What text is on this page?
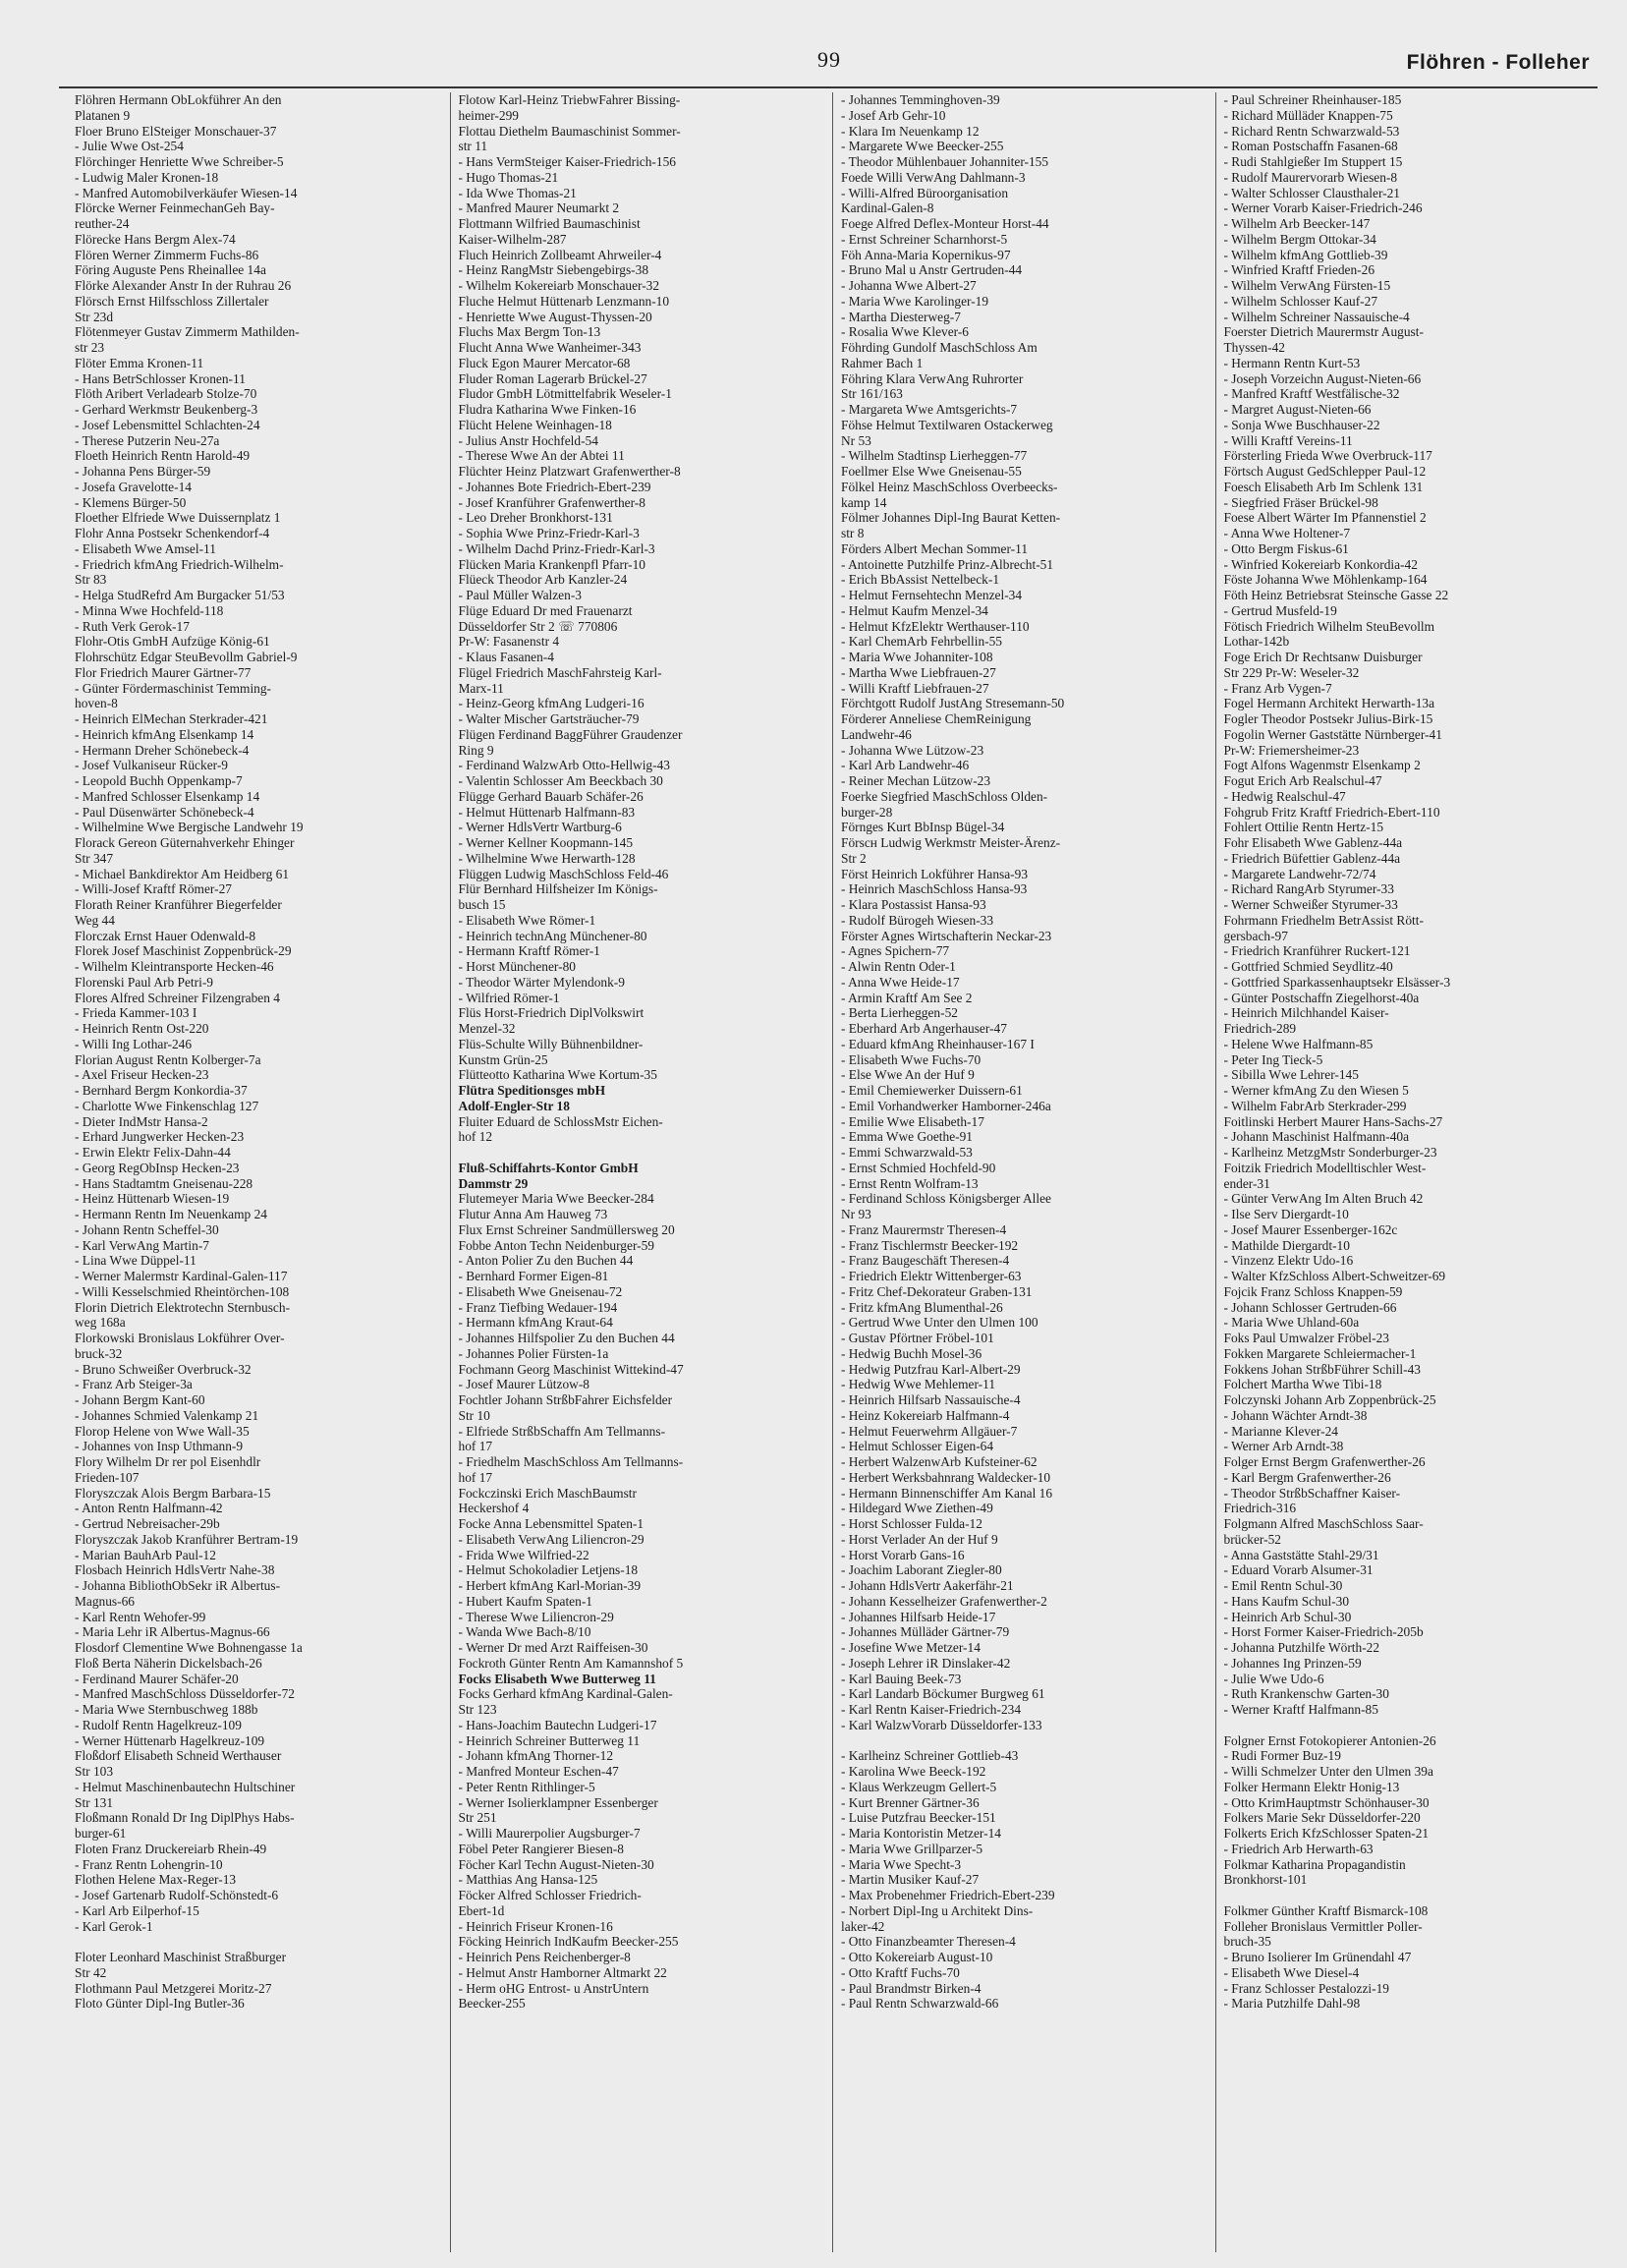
99	Flöhren - Folleher
Flöhren Hermann ObLokführer An den
Platanen 9
Floer Bruno ElSteiger Monschauer-37
- Julie Wwe Ost-254
Flörchinger Henriette Wwe Schreiber-5
- Ludwig Maler Kronen-18
- Manfred Automobilverkäufer Wiesen-14
Flörcke Werner FeinmechanGeh Bay-
reuther-24
Flörecke Hans Bergm Alex-74
Flören Werner Zimmerm Fuchs-86
Föring Auguste Pens Rheinallee 14a
Flörke Alexander Anstr In der Ruhrau 26
Flörsch Ernst Hilfsschloss Zillertaler
Str 23d
Flötenmeyer Gustav Zimmerm Mathilden-
str 23
Flöter Emma Kronen-11
- Hans BetrSchlosser Kronen-11
Flöth Aribert Verladearb Stolze-70
- Gerhard Werkmstr Beukenberg-3
- Josef Lebensmittel Schlachten-24
- Therese Putzerin Neu-27a
Floeth Heinrich Rentn Harold-49
- Johanna Pens Bürger-59
- Josefa Gravelotte-14
- Klemens Bürger-50
Floether Elfriede Wwe Duissernplatz 1
Flohr Anna Postsekr Schenkendorf-4
- Elisabeth Wwe Amsel-11
- Friedrich kfmAng Friedrich-Wilhelm-
Str 83
- Helga StudRefrd Am Burgacker 51/53
- Minna Wwe Hochfeld-118
- Ruth Verk Gerok-17
Flohr-Otis GmbH Aufzüge König-61
Flohrschütz Edgar SteuBevollm Gabriel-9
Flor Friedrich Maurer Gärtner-77
- Günter Fördermaschinist Temming-
hoven-8
- Heinrich ElMechan Sterkrader-421
- Heinrich kfmAng Elsenkamp 14
- Hermann Dreher Schönebeck-4
- Josef Vulkaniseur Rücker-9
- Leopold Buchh Oppenkamp-7
- Manfred Schlosser Elsenkamp 14
- Paul Düsenwärter Schönebeck-4
- Wilhelmine Wwe Bergische Landwehr 19
Florack Gereon Güternahverkehr Ehinger
Str 347
- Michael Bankdirektor Am Heidberg 61
- Willi-Josef Kraftf Römer-27
Florath Reiner Kranführer Biegerfelder
Weg 44
Florczak Ernst Hauer Odenwald-8
Florek Josef Maschinist Zoppenbrück-29
- Wilhelm Kleintransporte Hecken-46
Florenski Paul Arb Petri-9
Flores Alfred Schreiner Filzengraben 4
- Frieda Kammer-103 I
- Heinrich Rentn Ost-220
- Willi Ing Lothar-246
Florian August Rentn Kolberger-7a
- Axel Friseur Hecken-23
- Bernhard Bergm Konkordia-37
- Charlotte Wwe Finkenschlag 127
- Dieter IndMstr Hansa-2
- Erhard Jungwerker Hecken-23
- Erwin Elektr Felix-Dahn-44
- Georg RegObInsp Hecken-23
- Hans Stadtamtm Gneisenau-228
- Heinz Hüttenarb Wiesen-19
- Hermann Rentn Im Neuenkamp 24
- Johann Rentn Scheffel-30
- Karl VerwAng Martin-7
- Lina Wwe Düppel-11
- Werner Malermstr Kardinal-Galen-117
- Willi Kesselschmied Rheintörchen-108
Florin Dietrich Elektrotechn Sternbusch-
weg 168a
Florkowski Bronislaus Lokführer Over-
bruck-32
- Bruno Schweißer Overbruck-32
- Franz Arb Steiger-3a
- Johann Bergm Kant-60
- Johannes Schmied Valenkamp 21
Florop Helene von Wwe Wall-35
- Johannes von Insp Uthmann-9
Flory Wilhelm Dr rer pol Eisenhdlr
Frieden-107
Floryszczak Alois Bergm Barbara-15
- Anton Rentn Halfmann-42
- Gertrud Nebreisacher-29b
Floryszczak Jakob Kranführer Bertram-19
- Marian BauhArb Paul-12
Flosbach Heinrich HdlsVertr Nahe-38
- Johanna BibliothObSekr iR Albertus-
Magnus-66
- Karl Rentn Wehofer-99
- Maria Lehr iR Albertus-Magnus-66
Flosdorf Clementine Wwe Bohnengasse 1a
Floß Berta Näherin Dickelsbach-26
- Ferdinand Maurer Schäfer-20
- Manfred MaschSchloss Düsseldorfer-72
- Maria Wwe Sternbuschweg 188b
- Rudolf Rentn Hagelkreuz-109
- Werner Hüttenarb Hagelkreuz-109
Floßdorf Elisabeth Schneid Werthauser
Str 103
- Helmut Maschinenbautechn Hultschiner
Str 131
Floßmann Ronald Dr Ing DiplPhys Habs-
burger-61
Floten Franz Druckereiarb Rhein-49
- Franz Rentn Lohengrin-10
Flothen Helene Max-Reger-13
- Josef Gartenarb Rudolf-Schönstedt-6
- Karl Arb Eilperhof-15
- Karl Gerok-1

Floter Leonhard Maschinist Straßburger
Str 42
Flothmann Paul Metzgerei Moritz-27
Floto Günter Dipl-Ing Butler-36
Flotow Karl-Heinz TriebwFahrer Bissing-
heimer-299
Flottau Diethelm Baumaschinist Sommer-
str 11
- Hans VermSteiger Kaiser-Friedrich-156
- Hugo Thomas-21
- Ida Wwe Thomas-21
- Manfred Maurer Neumarkt 2
Flottmann Wilfried Baumaschinist
Kaiser-Wilhelm-287
Fluch Heinrich Zollbeamt Ahrweiler-4
- Heinz RangMstr Siebengebirgs-38
- Wilhelm Kokereiarb Monschauer-32
Fluche Helmut Hüttenarb Lenzmann-10
- Henriette Wwe August-Thyssen-20
Fluchs Max Bergm Ton-13
Flucht Anna Wwe Wanheimer-343
Fluck Egon Maurer Mercator-68
Fluder Roman Lagerarb Brückel-27
Fludor GmbH Lötmittelfabrik Weseler-1
Fludra Katharina Wwe Finken-16
Flücht Helene Weinhagen-18
- Julius Anstr Hochfeld-54
- Therese Wwe An der Abtei 11
Flüchter Heinz Platzwart Grafenwerther-8
- Johannes Bote Friedrich-Ebert-239
- Josef Kranführer Grafenwerther-8
- Leo Dreher Bronkhorst-131
- Sophia Wwe Prinz-Friedr-Karl-3
- Wilhelm Dachd Prinz-Friedr-Karl-3
Flücken Maria Krankenpfl Pfarr-10
Flüeck Theodor Arb Kanzler-24
- Paul Müller Walzen-3
Flüge Eduard Dr med Frauenarzt
Düsseldorfer Str 2 ☏ 770806
Pr-W: Fasanenstr 4
- Klaus Fasanen-4
Flügel Friedrich MaschFahrsteig Karl-
Marx-11
- Heinz-Georg kfmAng Ludgeri-16
- Walter Mischer Gartsträucher-79
Flügen Ferdinand BaggFührer Graudenzer
Ring 9
- Ferdinand WalzwArb Otto-Hellwig-43
- Valentin Schlosser Am Beeckbach 30
Flügge Gerhard Bauarb Schäfer-26
- Helmut Hüttenarb Halfmann-83
- Werner HdlsVertr Wartburg-6
- Werner Kellner Koopmann-145
- Wilhelmine Wwe Herwarth-128
Flüggen Ludwig MaschSchloss Feld-46
Flür Bernhard Hilfsheizer Im Königs-
busch 15
- Elisabeth Wwe Römer-1
- Heinrich technAng Münchener-80
- Hermann Kraftf Römer-1
- Horst Münchener-80
- Theodor Wärter Mylendonk-9
- Wilfried Römer-1
Flüs Horst-Friedrich DiplVolkswirt
Menzel-32
Flüs-Schulte Willy Bühnenbildner-
Kunstm Grün-25
Flütteotto Katharina Wwe Kortum-35
Flütra Speditionsges mbH
Adolf-Engler-Str 18
Fluiter Eduard de SchlossMstr Eichen-
hof 12

Fluß-Schiffahrts-Kontor GmbH
Dammstr 29
Flutemeyer Maria Wwe Beecker-284
Flutur Anna Am Hauweg 73
Flux Ernst Schreiner Sandmüllersweg 20
Fobbe Anton Techn Neidenburger-59
- Anton Polier Zu den Buchen 44
- Bernhard Former Eigen-81
- Elisabeth Wwe Gneisenau-72
- Franz Tiefbing Wedauer-194
- Hermann kfmAng Kraut-64
- Johannes Hilfspolier Zu den Buchen 44
- Johannes Polier Fürsten-1a
Fochmann Georg Maschinist Wittekind-47
- Josef Maurer Lützow-8
Fochtler Johann StrßbFahrer Eichsfelder
Str 10
- Elfriede StrßbSchaffn Am Tellmanns-
hof 17
- Friedhelm MaschSchloss Am Tellmanns-
hof 17
Fockczinski Erich MaschBaumstr
Heckershof 4
Focke Anna Lebensmittel Spaten-1
- Elisabeth VerwAng Liliencron-29
- Frida Wwe Wilfried-22
- Helmut Schokoladier Letjens-18
- Herbert kfmAng Karl-Morian-39
- Hubert Kaufm Spaten-1
- Therese Wwe Liliencron-29
- Wanda Wwe Bach-8/10
- Werner Dr med Arzt Raiffeisen-30
Fockroth Günter Rentn Am Kamannshof 5
Focks Elisabeth Wwe Butterweg 11
Focks Gerhard kfmAng Kardinal-Galen-
Str 123
- Hans-Joachim Bautechn Ludgeri-17
- Heinrich Schreiner Butterweg 11
- Johann kfmAng Thorner-12
- Manfred Monteur Eschen-47
- Peter Rentn Rithlinger-5
- Werner Isolierklampner Essenberger
Str 251
- Willi Maurerpolier Augsburger-7
Föbel Peter Rangierer Biesen-8
Föcher Karl Techn August-Nieten-30
- Matthias Ang Hansa-125
Föcker Alfred Schlosser Friedrich-
Ebert-1d
- Heinrich Friseur Kronen-16
Föcking Heinrich IndKaufm Beecker-255
- Heinrich Pens Reichenberger-8
- Helmut Anstr Hamborner Altmarkt 22
- Herm oHG Entrost- u AnstrUntern
Beecker-255
- Johannes Temminghoven-39
- Josef Arb Gehr-10
- Klara Im Neuenkamp 12
- Margarete Wwe Beecker-255
- Theodor Mühlenbauer Johanniter-155
Foede Willi VerwAng Dahlmann-3
- Willi-Alfred Büroorganisation
Kardinal-Galen-8
Foege Alfred Deflex-Monteur Horst-44
- Ernst Schreiner Scharnhorst-5
Föh Anna-Maria Kopernikus-97
- Bruno Mal u Anstr Gertruden-44
- Johanna Wwe Albert-27
- Maria Wwe Karolinger-19
- Martha Diesterweg-7
- Rosalia Wwe Klever-6
Föhrding Gundolf MaschSchloss Am
Rahmer Bach 1
Föhring Klara VerwAng Ruhrorter
Str 161/163
- Margareta Wwe Amtsgerichts-7
Föhse Helmut Textilwaren Ostackerweg
Nr 53
- Wilhelm Stadtinsp Lierheggen-77
Foellmer Else Wwe Gneisenau-55
Fölkel Heinz MaschSchloss Overbeecks-
kamp 14
Fölmer Johannes Dipl-Ing Baurat Ketten-
str 8
Förders Albert Mechan Sommer-11
- Antoinette Putzhilfe Prinz-Albrecht-51
- Erich BbAssist Nettelbeck-1
- Helmut Fernsehtechn Menzel-34
- Helmut Kaufm Menzel-34
- Helmut KfzElektr Werthauser-110
- Karl ChemArb Fehrbellin-55
- Maria Wwe Johanniter-108
- Martha Wwe Liebfrauen-27
- Willi Kraftf Liebfrauen-27
Förchtgott Rudolf JustAng Stresemann-50
Förderer Anneliese ChemReinigung
Landwehr-46
- Johanna Wwe Lützow-23
- Karl Arb Landwehr-46
- Reiner Mechan Lützow-23
Foerke Siegfried MaschSchloss Olden-
burger-28
Förnges Kurt BbInsp Bügel-34
Förscн Ludwig Werkmstr Meister-Ärenz-
Str 2
Först Heinrich Lokführer Hansa-93
- Heinrich MaschSchloss Hansa-93
- Klara Postassist Hansa-93
- Rudolf Bürogeh Wiesen-33
Förster Agnes Wirtschafterin Neckar-23
- Agnes Spichern-77
- Alwin Rentn Oder-1
- Anna Wwe Heide-17
- Armin Kraftf Am See 2
- Berta Lierheggen-52
- Eberhard Arb Angerhauser-47
- Eduard kfmAng Rheinhauser-167 I
- Elisabeth Wwe Fuchs-70
- Else Wwe An der Huf 9
- Emil Chemiewerker Duissern-61
- Emil Vorhandwerker Hamborner-246a
- Emilie Wwe Elisabeth-17
- Emma Wwe Goethe-91
- Emmi Schwarzwald-53
- Ernst Schmied Hochfeld-90
- Ernst Rentn Wolfram-13
- Ferdinand Schloss Königsberger Allee
Nr 93
- Franz Maurermstr Theresen-4
- Franz Tischlermstr Beecker-192
- Franz Baugeschäft Theresen-4
- Friedrich Elektr Wittenberger-63
- Fritz Chef-Dekorateur Graben-131
- Fritz kfmAng Blumenthal-26
- Gertrud Wwe Unter den Ulmen 100
- Gustav Pförtner Fröbel-101
- Hedwig Buchh Mosel-36
- Hedwig Putzfrau Karl-Albert-29
- Hedwig Wwe Mehlemer-11
- Heinrich Hilfsarb Nassauische-4
- Heinz Kokereiarb Halfmann-4
- Helmut Feuerwehrm Allgäuer-7
- Helmut Schlosser Eigen-64
- Herbert WalzenwArb Kufsteiner-62
- Herbert Werksbahnrang Waldecker-10
- Hermann Binnenschiffer Am Kanal 16
- Hildegard Wwe Ziethen-49
- Horst Schlosser Fulda-12
- Horst Verlader An der Huf 9
- Horst Vorarb Gans-16
- Joachim Laborant Ziegler-80
- Johann HdlsVertr Aakerfähr-21
- Johann Kesselheizer Grafenwerther-2
- Johannes Hilfsarb Heide-17
- Johannes Mülläder Gärtner-79
- Josefine Wwe Metzer-14
- Joseph Lehrer iR Dinslaker-42
- Karl Bauing Beek-73
- Karl Landarb Böckumer Burgweg 61
- Karl Rentn Kaiser-Friedrich-234
- Karl WalzwVorarb Düsseldorfer-133

- Karlheinz Schreiner Gottlieb-43
- Karolina Wwe Beeck-192
- Klaus Werkzeugm Gellert-5
- Kurt Brenner Gärtner-36
- Luise Putzfrau Beecker-151
- Maria Kontoristin Metzer-14
- Maria Wwe Grillparzer-5
- Maria Wwe Specht-3
- Martin Musiker Kauf-27
- Max Probenehmer Friedrich-Ebert-239
- Norbert Dipl-Ing u Architekt Dins-
laker-42
- Otto Finanzbeamter Theresen-4
- Otto Kokereiarb August-10
- Otto Kraftf Fuchs-70
- Paul Brandmstr Birken-4
- Paul Rentn Schwarzwald-66
- Paul Schreiner Rheinhauser-185
- Richard Mülläder Knappen-75
- Richard Rentn Schwarzwald-53
- Roman Postschaffn Fasanen-68
- Rudi Stahlgießer Im Stuppert 15
- Rudolf Maurervorarb Wiesen-8
- Walter Schlosser Clausthaler-21
- Werner Vorarb Kaiser-Friedrich-246
- Wilhelm Arb Beecker-147
- Wilhelm Bergm Ottokar-34
- Wilhelm kfmAng Gottlieb-39
- Winfried Kraftf Frieden-26
- Wilhelm VerwAng Fürsten-15
- Wilhelm Schlosser Kauf-27
- Wilhelm Schreiner Nassauische-4
Foerster Dietrich Maurermstr August-
Thyssen-42
- Hermann Rentn Kurt-53
- Joseph Vorzeichn August-Nieten-66
- Manfred Kraftf Westfälische-32
- Margret August-Nieten-66
- Sonja Wwe Buschhauser-22
- Willi Kraftf Vereins-11
Försterling Frieda Wwe Overbruck-117
Förtsch August GedSchlepper Paul-12
Foesch Elisabeth Arb Im Schlenk 131
- Siegfried Fräser Brückel-98
Foese Albert Wärter Im Pfannenstiel 2
- Anna Wwe Holtener-7
- Otto Bergm Fiskus-61
- Winfried Kokereiarb Konkordia-42
Föste Johanna Wwe Möhlenkamp-164
Föth Heinz Betriebsrat Steinsche Gasse 22
- Gertrud Musfeld-19
Fötisch Friedrich Wilhelm SteuBevollm
Lothar-142b
Foge Erich Dr Rechtsanw Duisburger
Str 229 Pr-W: Weseler-32
- Franz Arb Vygen-7
Fogel Hermann Architekt Herwarth-13a
Fogler Theodor Postsekr Julius-Birk-15
Fogolin Werner Gaststätte Nürnberger-41
Pr-W: Friemersheimer-23
Fogt Alfons Wagenmstr Elsenkamp 2
Fogut Erich Arb Realschul-47
- Hedwig Realschul-47
Fohgrub Fritz Kraftf Friedrich-Ebert-110
Fohlert Ottilie Rentn Hertz-15
Fohr Elisabeth Wwe Gablenz-44a
- Friedrich Büfettier Gablenz-44a
- Margarete Landwehr-72/74
- Richard RangArb Styrumer-33
- Werner Schweißer Styrumer-33
Fohrmann Friedhelm BetrAssist Rött-
gersbach-97
- Friedrich Kranführer Ruckert-121
- Gottfried Schmied Seydlitz-40
- Gottfried Sparkassenhauptsekr Elsässer-3
- Günter Postschaffn Ziegelhorst-40a
- Heinrich Milchhandel Kaiser-
Friedrich-289
- Helene Wwe Halfmann-85
- Peter Ing Tieck-5
- Sibilla Wwe Lehrer-145
- Werner kfmAng Zu den Wiesen 5
- Wilhelm FabrArb Sterkrader-299
Foitlinski Herbert Maurer Hans-Sachs-27
- Johann Maschinist Halfmann-40a
- Karlheinz MetzgMstr Sonderburger-23
Foitzik Friedrich Modelltischler West-
ender-31
- Günter VerwAng Im Alten Bruch 42
- Ilse Serv Diergardt-10
- Josef Maurer Essenberger-162c
- Mathilde Diergardt-10
- Vinzenz Elektr Udo-16
- Walter KfzSchloss Albert-Schweitzer-69
Fojcik Franz Schloss Knappen-59
- Johann Schlosser Gertruden-66
- Maria Wwe Uhland-60a
Foks Paul Umwalzer Fröbel-23
Fokken Margarete Schleiermacher-1
Fokkens Johan StrßbFührer Schill-43
Folchert Martha Wwe Tibi-18
Folczynski Johann Arb Zoppenbrück-25
- Johann Wächter Arndt-38
- Marianne Klever-24
- Werner Arb Arndt-38
Folger Ernst Bergm Grafenwerther-26
- Karl Bergm Grafenwerther-26
- Theodor StrßbSchaffner Kaiser-
Friedrich-316
Folgmann Alfred MaschSchloss Saar-
brücker-52
- Anna Gaststätte Stahl-29/31
- Eduard Vorarb Alsumer-31
- Emil Rentn Schul-30
- Hans Kaufm Schul-30
- Heinrich Arb Schul-30
- Horst Former Kaiser-Friedrich-205b
- Johanna Putzhilfe Wörth-22
- Johannes Ing Prinzen-59
- Julie Wwe Udo-6
- Ruth Krankenschw Garten-30
- Werner Kraftf Halfmann-85

Folgner Ernst Fotokopierer Antonien-26
- Rudi Former Buz-19
- Willi Schmelzer Unter den Ulmen 39a
Folker Hermann Elektr Honig-13
- Otto KrimHauptmstr Schönhauser-30
Folkers Marie Sekr Düsseldorfer-220
Folkerts Erich KfzSchlosser Spaten-21
- Friedrich Arb Herwarth-63
Folkmar Katharina Propagandistin
Bronkhorst-101

Folkmer Günther Kraftf Bismarck-108
Folleher Bronislaus Vermittler Poller-
bruch-35
- Bruno Isolierer Im Grünendahl 47
- Elisabeth Wwe Diesel-4
- Franz Schlosser Pestalozzi-19
- Maria Putzhilfe Dahl-98
